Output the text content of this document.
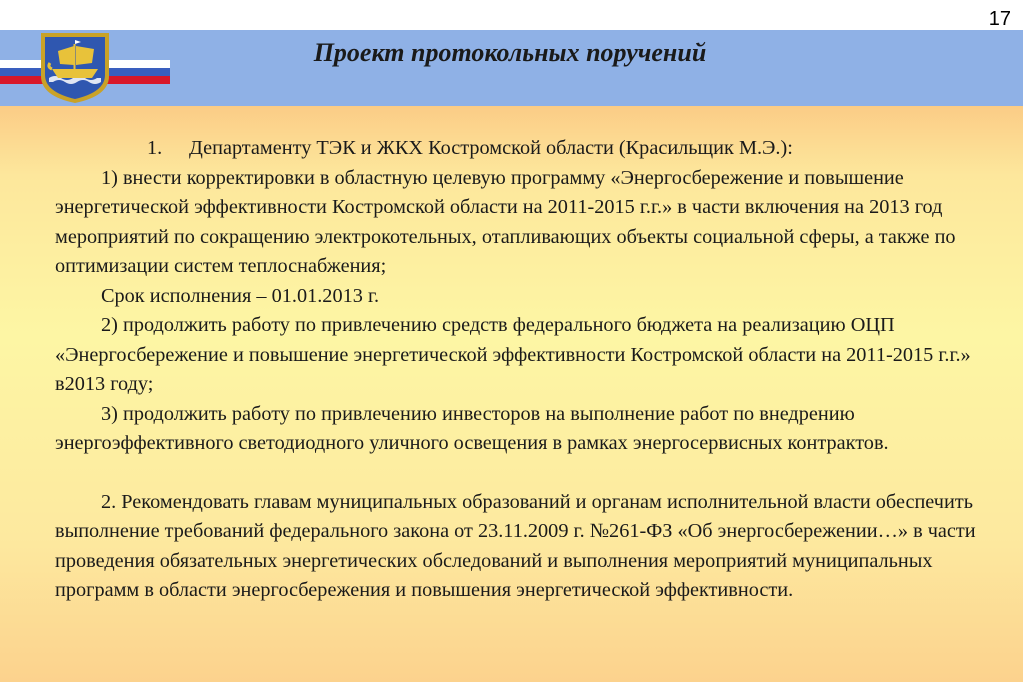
17
Проект протокольных поручений

1. Департаменту ТЭК и ЖКХ Костромской области (Красильщик М.Э.):

1) внести корректировки в областную целевую программу «Энергосбережение и повышение энергетической эффективности Костромской области на 2011-2015 г.г.» в части включения на 2013 год мероприятий по сокращению электрокотельных, отапливающих объекты социальной сферы, а также по оптимизации систем теплоснабжения;

Срок исполнения – 01.01.2013 г.

2) продолжить работу по привлечению средств федерального бюджета на реализацию ОЦП «Энергосбережение и повышение энергетической эффективности Костромской области на 2011-2015 г.г.» в2013 году;

3) продолжить работу по привлечению инвесторов на выполнение работ по внедрению энергоэффективного светодиодного уличного освещения в рамках энергосервисных контрактов.

2. Рекомендовать главам муниципальных образований и органам исполнительной власти обеспечить выполнение требований федерального закона от 23.11.2009 г. №261-ФЗ «Об энергосбережении…» в части проведения обязательных энергетических обследований и выполнения мероприятий муниципальных программ в области энергосбережения и повышения энергетической эффективности.
